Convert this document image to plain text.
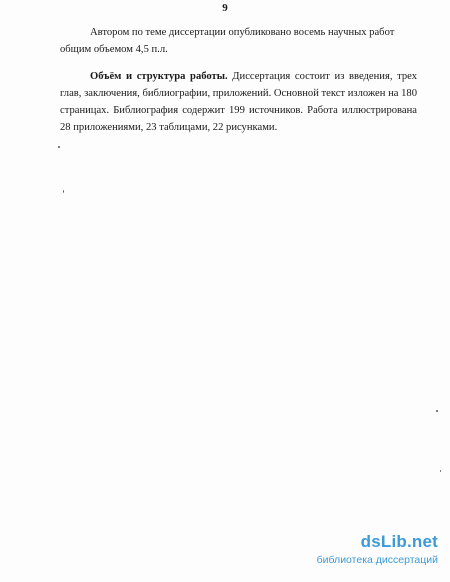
9
Автором по теме диссертации опубликовано восемь научных работ
общим объемом 4,5 п.л.
Объём и структура работы. Диссертация состоит из введения, трех глав, заключения, библиографии, приложений. Основной текст изложен на 180 страницах. Библиография содержит 199 источников. Работа иллюстрирована 28 приложениями, 23 таблицами, 22 рисунками.
dsLib.net
библиотека диссертаций
